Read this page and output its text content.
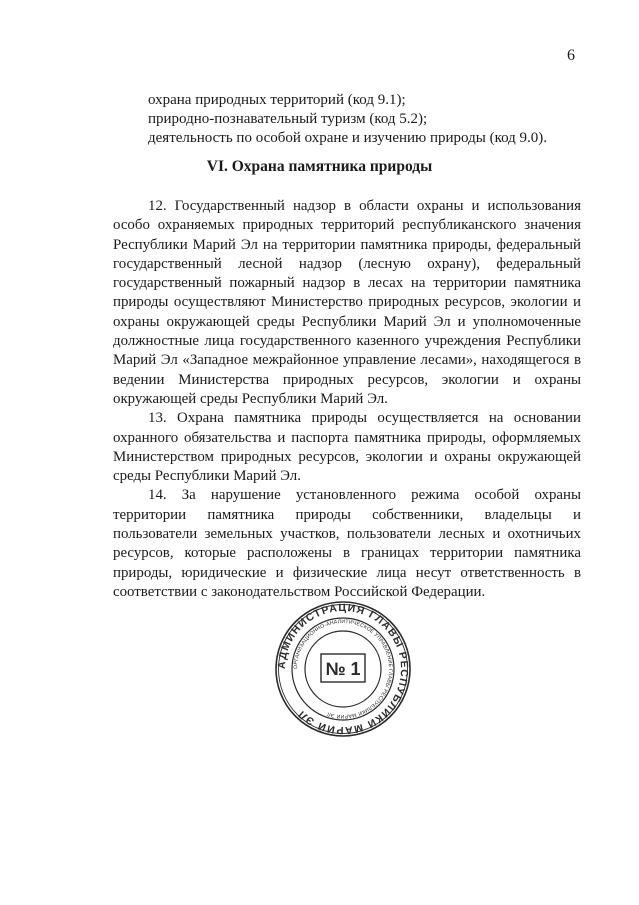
6
охрана природных территорий (код 9.1);
природно-познавательный туризм (код 5.2);
деятельность по особой охране и изучению природы (код 9.0).
VI. Охрана памятника природы

12. Государственный надзор в области охраны и использования особо охраняемых природных территорий республиканского значения Республики Марий Эл на территории памятника природы, федеральный государственный лесной надзор (лесную охрану), федеральный государственный пожарный надзор в лесах на территории памятника природы осуществляют Министерство природных ресурсов, экологии и охраны окружающей среды Республики Марий Эл и уполномоченные должностные лица государственного казенного учреждения Республики Марий Эл «Западное межрайонное управление лесами», находящегося в ведении Министерства природных ресурсов, экологии и охраны окружающей среды Республики Марий Эл.

13. Охрана памятника природы осуществляется на основании охранного обязательства и паспорта памятника природы, оформляемых Министерством природных ресурсов, экологии и охраны окружающей среды Республики Марий Эл.

14. За нарушение установленного режима особой охраны территории памятника природы собственники, владельцы и пользователи земельных участков, пользователи лесных и охотничьих ресурсов, которые расположены в границах территории памятника природы, юридические и физические лица несут ответственность в соответствии с законодательством Российской Федерации.

АДМИНИСТРАЦИЯ ГЛАВЫ РЕСПУБЛИКИ МАРИЙ ЭЛ
ОРГАНИЗАЦИОННО-АНАЛИТИЧЕСКОЕ УПРАВЛЕНИЕ ГЛАВЫ РЕСПУБЛИКИ МАРИЙ ЭЛ
№ 1
